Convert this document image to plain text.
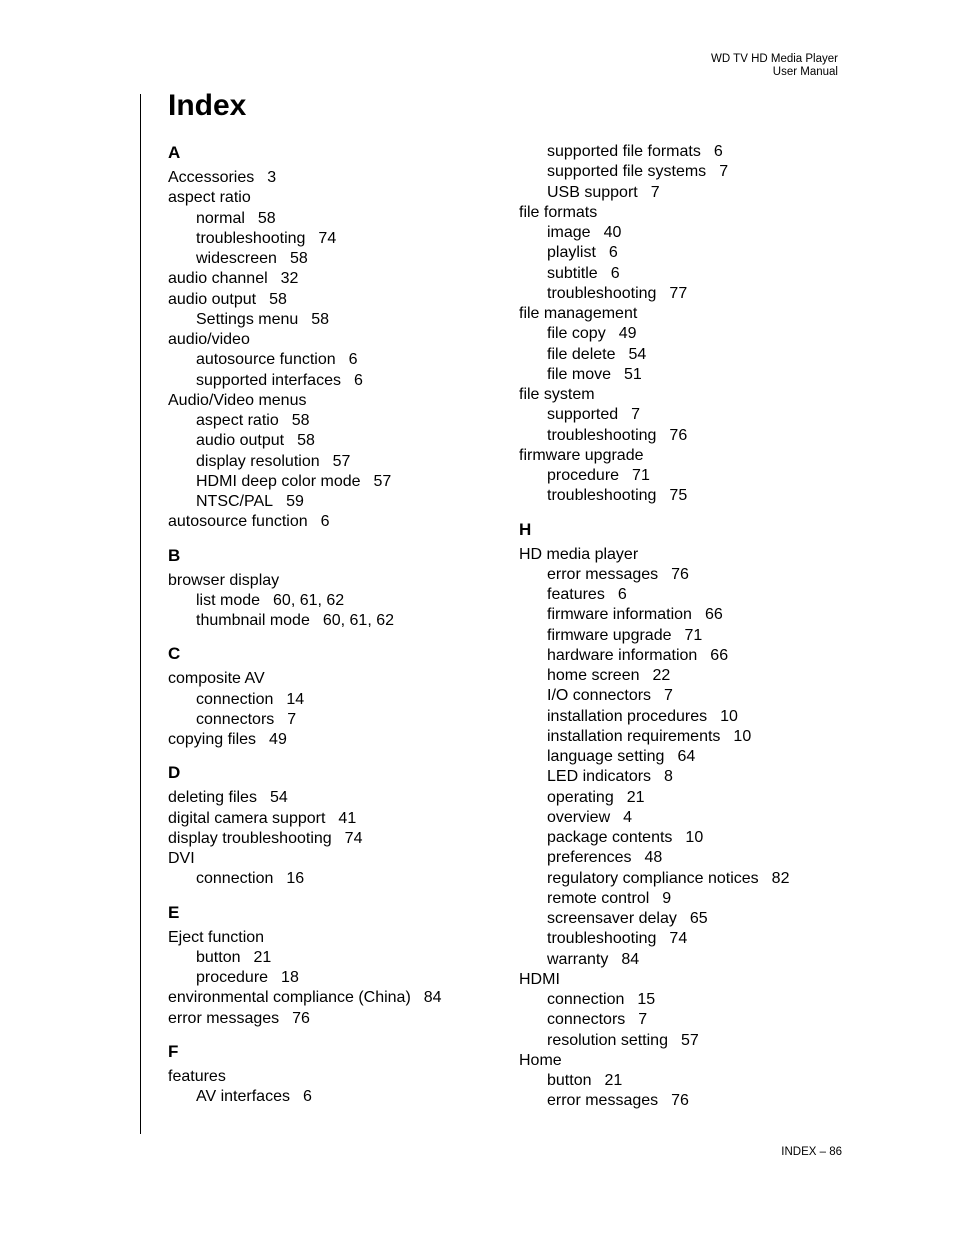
WD TV HD Media Player
User Manual
Index
A
Accessories 3
aspect ratio
normal 58
troubleshooting 74
widescreen 58
audio channel 32
audio output 58
Settings menu 58
audio/video
autosource function 6
supported interfaces 6
Audio/Video menus
aspect ratio 58
audio output 58
display resolution 57
HDMI deep color mode 57
NTSC/PAL 59
autosource function 6
B
browser display
list mode 60, 61, 62
thumbnail mode 60, 61, 62
C
composite AV
connection 14
connectors 7
copying files 49
D
deleting files 54
digital camera support 41
display troubleshooting 74
DVI
connection 16
E
Eject function
button 21
procedure 18
environmental compliance (China) 84
error messages 76
F
features
AV interfaces 6
supported file formats 6
supported file systems 7
USB support 7
file formats
image 40
playlist 6
subtitle 6
troubleshooting 77
file management
file copy 49
file delete 54
file move 51
file system
supported 7
troubleshooting 76
firmware upgrade
procedure 71
troubleshooting 75
H
HD media player
error messages 76
features 6
firmware information 66
firmware upgrade 71
hardware information 66
home screen 22
I/O connectors 7
installation procedures 10
installation requirements 10
language setting 64
LED indicators 8
operating 21
overview 4
package contents 10
preferences 48
regulatory compliance notices 82
remote control 9
screensaver delay 65
troubleshooting 74
warranty 84
HDMI
connection 15
connectors 7
resolution setting 57
Home
button 21
error messages 76
INDEX – 86
